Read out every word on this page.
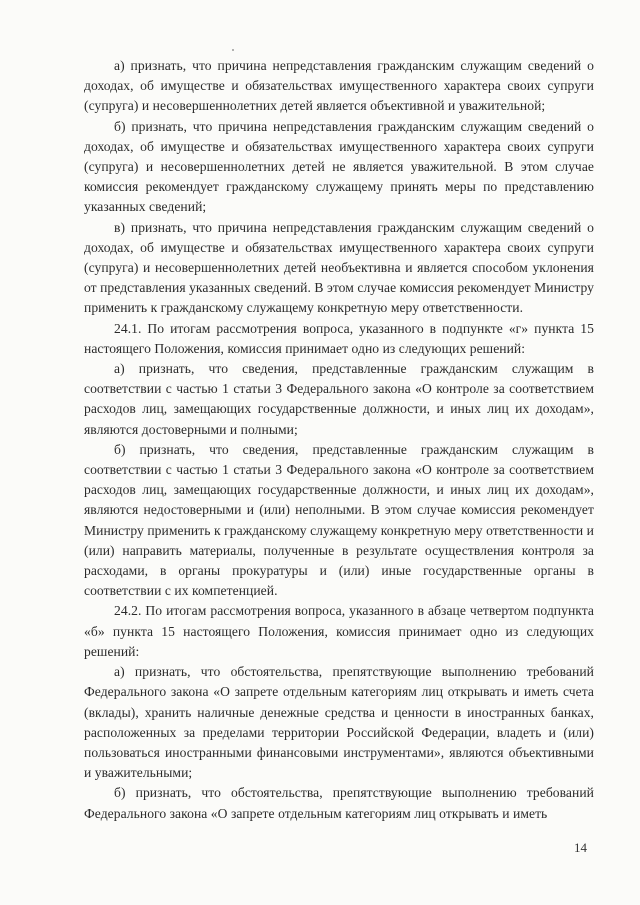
а) признать, что причина непредставления гражданским служащим сведений о доходах, об имуществе и обязательствах имущественного характера своих супруги (супруга) и несовершеннолетних детей является объективной и уважительной;

б) признать, что причина непредставления гражданским служащим сведений о доходах, об имуществе и обязательствах имущественного характера своих супруги (супруга) и несовершеннолетних детей не является уважительной. В этом случае комиссия рекомендует гражданскому служащему принять меры по представлению указанных сведений;

в) признать, что причина непредставления гражданским служащим сведений о доходах, об имуществе и обязательствах имущественного характера своих супруги (супруга) и несовершеннолетних детей необъективна и является способом уклонения от представления указанных сведений. В этом случае комиссия рекомендует Министру применить к гражданскому служащему конкретную меру ответственности.

24.1. По итогам рассмотрения вопроса, указанного в подпункте «г» пункта 15 настоящего Положения, комиссия принимает одно из следующих решений:

а) признать, что сведения, представленные гражданским служащим в соответствии с частью 1 статьи 3 Федерального закона «О контроле за соответствием расходов лиц, замещающих государственные должности, и иных лиц их доходам», являются достоверными и полными;

б) признать, что сведения, представленные гражданским служащим в соответствии с частью 1 статьи 3 Федерального закона «О контроле за соответствием расходов лиц, замещающих государственные должности, и иных лиц их доходам», являются недостоверными и (или) неполными. В этом случае комиссия рекомендует Министру применить к гражданскому служащему конкретную меру ответственности и (или) направить материалы, полученные в результате осуществления контроля за расходами, в органы прокуратуры и (или) иные государственные органы в соответствии с их компетенцией.

24.2. По итогам рассмотрения вопроса, указанного в абзаце четвертом подпункта «б» пункта 15 настоящего Положения, комиссия принимает одно из следующих решений:

а) признать, что обстоятельства, препятствующие выполнению требований Федерального закона «О запрете отдельным категориям лиц открывать и иметь счета (вклады), хранить наличные денежные средства и ценности в иностранных банках, расположенных за пределами территории Российской Федерации, владеть и (или) пользоваться иностранными финансовыми инструментами», являются объективными и уважительными;

б) признать, что обстоятельства, препятствующие выполнению требований Федерального закона «О запрете отдельным категориям лиц открывать и иметь

14
